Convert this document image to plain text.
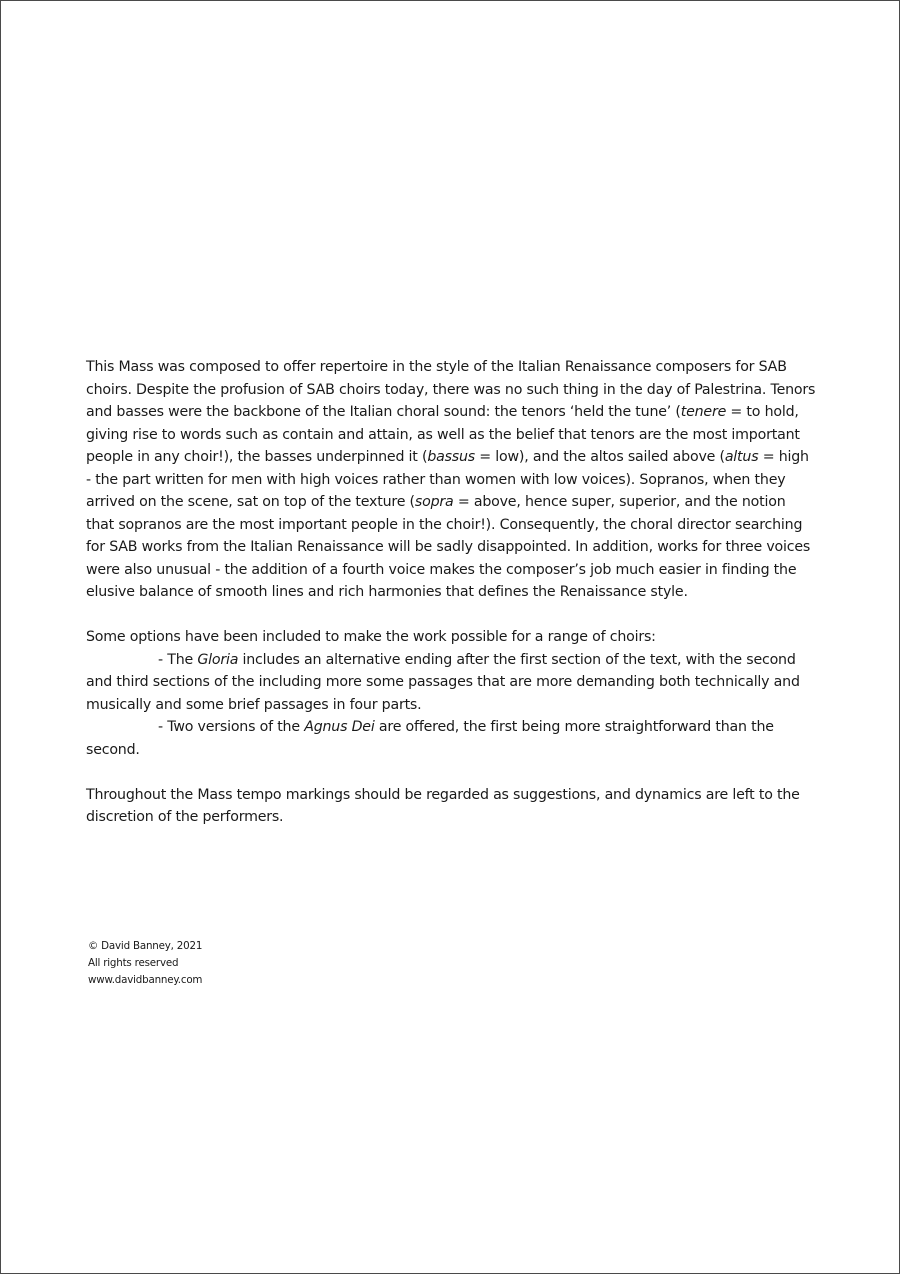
This Mass was composed to offer repertoire in the style of the Italian Renaissance composers for SAB choirs. Despite the profusion of SAB choirs today, there was no such thing in the day of Palestrina. Tenors and basses were the backbone of the Italian choral sound: the tenors ‘held the tune’ (tenere = to hold, giving rise to words such as contain and attain, as well as the belief that tenors are the most important people in any choir!), the basses underpinned it (bassus = low), and the altos sailed above (altus = high - the part written for men with high voices rather than women with low voices). Sopranos, when they arrived on the scene, sat on top of the texture (sopra = above, hence super, superior, and the notion that sopranos are the most important people in the choir!). Consequently, the choral director searching for SAB works from the Italian Renaissance will be sadly disappointed. In addition, works for three voices were also unusual - the addition of a fourth voice makes the composer’s job much easier in finding the elusive balance of smooth lines and rich harmonies that defines the Renaissance style.

Some options have been included to make the work possible for a range of choirs:

- The Gloria includes an alternative ending after the first section of the text, with the second and third sections of the including more some passages that are more demanding both technically and musically and some brief passages in four parts.

- Two versions of the Agnus Dei are offered, the first being more straightforward than the second.

Throughout the Mass tempo markings should be regarded as suggestions, and dynamics are left to the discretion of the performers.

© David Banney, 2021
All rights reserved
www.davidbanney.com
